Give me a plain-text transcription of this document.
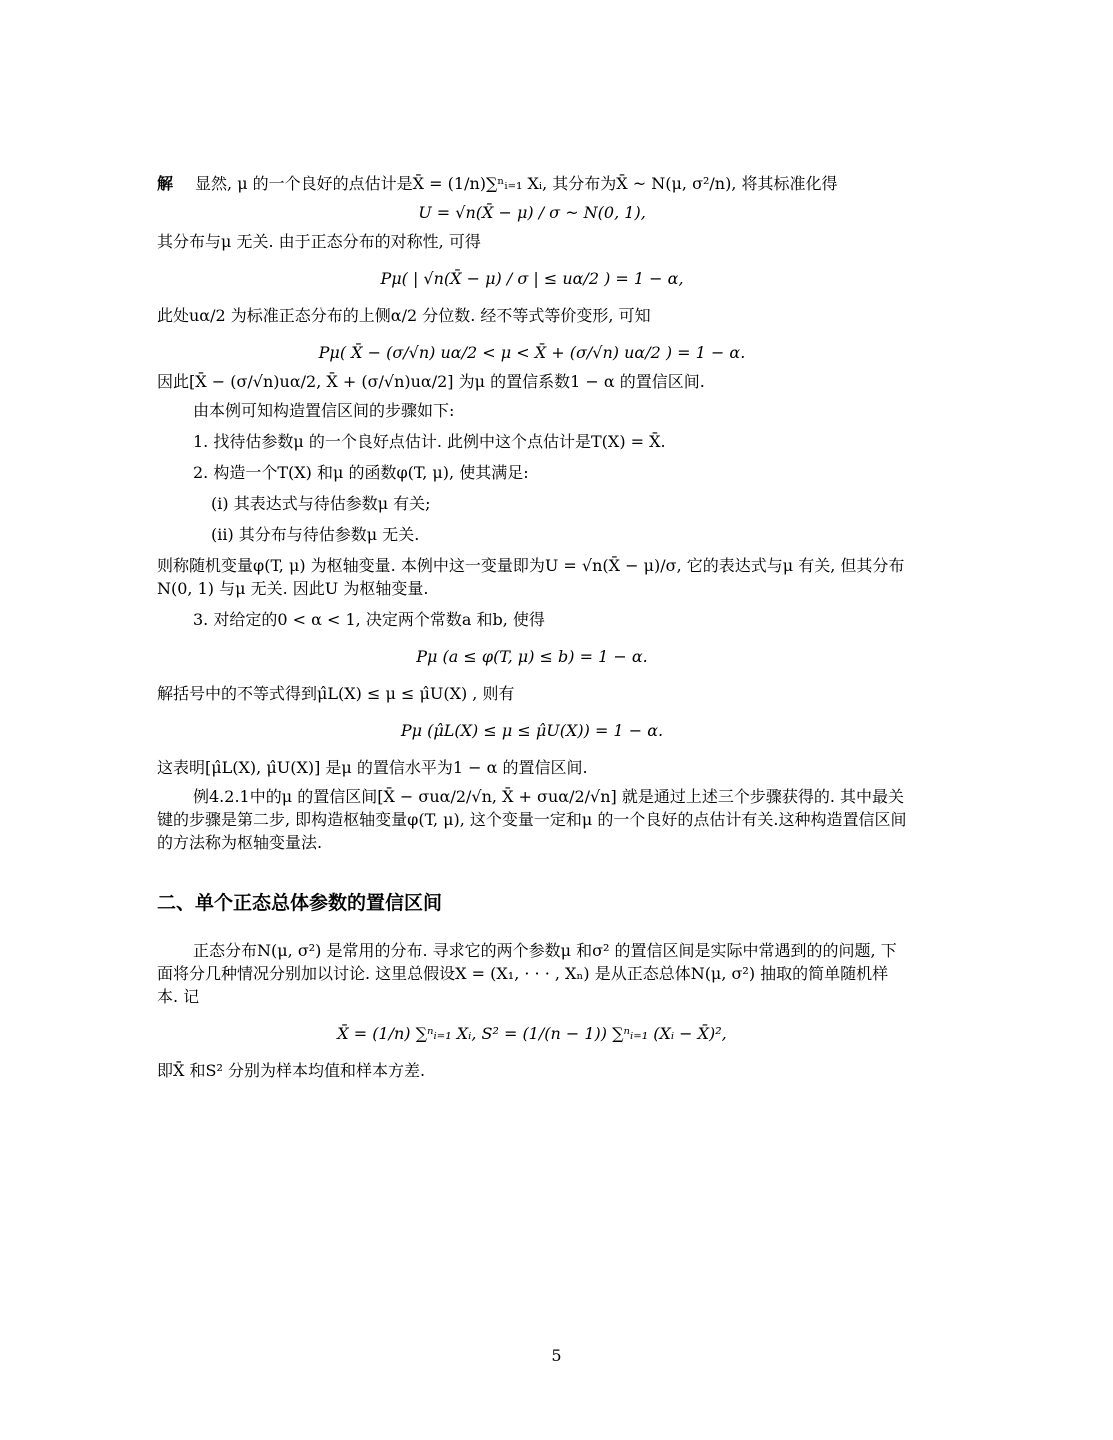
解 显然, μ 的一个良好的点估计是X̄ = (1/n)∑ⁿᵢ₌₁ Xᵢ, 其分布为X̄ ~ N(μ, σ²/n), 将其标准化得

U = √n(X̄ − μ) / σ ~ N(0, 1),

其分布与μ 无关. 由于正态分布的对称性, 可得

Pμ( | √n(X̄ − μ) / σ | ≤ uα/2 ) = 1 − α,

此处uα/2 为标准正态分布的上侧α/2 分位数. 经不等式等价变形, 可知

Pμ( X̄ − (σ/√n) uα/2 < μ < X̄ + (σ/√n) uα/2 ) = 1 − α.

因此[X̄ − (σ/√n)uα/2, X̄ + (σ/√n)uα/2] 为μ 的置信系数1 − α 的置信区间.

由本例可知构造置信区间的步骤如下:

1. 找待估参数μ 的一个良好点估计. 此例中这个点估计是T(X) = X̄.
2. 构造一个T(X) 和μ 的函数φ(T, μ), 使其满足:
(i) 其表达式与待估参数μ 有关;
(ii) 其分布与待估参数μ 无关.

则称随机变量φ(T, μ) 为枢轴变量. 本例中这一变量即为U = √n(X̄ − μ)/σ, 它的表达式与μ 有关, 但其分布N(0, 1) 与μ 无关. 因此U 为枢轴变量.

3. 对给定的0 < α < 1, 决定两个常数a 和b, 使得
Pμ (a ≤ φ(T, μ) ≤ b) = 1 − α.

解括号中的不等式得到μ̂L(X) ≤ μ ≤ μ̂U(X) , 则有

Pμ (μ̂L(X) ≤ μ ≤ μ̂U(X)) = 1 − α.

这表明[μ̂L(X), μ̂U(X)] 是μ 的置信水平为1 − α 的置信区间.

例4.2.1中的μ 的置信区间[X̄ − σuα/2/√n, X̄ + σuα/2/√n] 就是通过上述三个步骤获得的. 其中最关键的步骤是第二步, 即构造枢轴变量φ(T, μ), 这个变量一定和μ 的一个良好的点估计有关.这种构造置信区间的方法称为枢轴变量法.

二、单个正态总体参数的置信区间

正态分布N(μ, σ²) 是常用的分布. 寻求它的两个参数μ 和σ² 的置信区间是实际中常遇到的的问题, 下面将分几种情况分别加以讨论. 这里总假设X = (X₁, · · · , Xₙ) 是从正态总体N(μ, σ²) 抽取的简单随机样本. 记

X̄ = (1/n) ∑ⁿᵢ₌₁ Xᵢ, S² = (1/(n − 1)) ∑ⁿᵢ₌₁ (Xᵢ − X̄)²,

即X̄ 和S² 分别为样本均值和样本方差.

5
